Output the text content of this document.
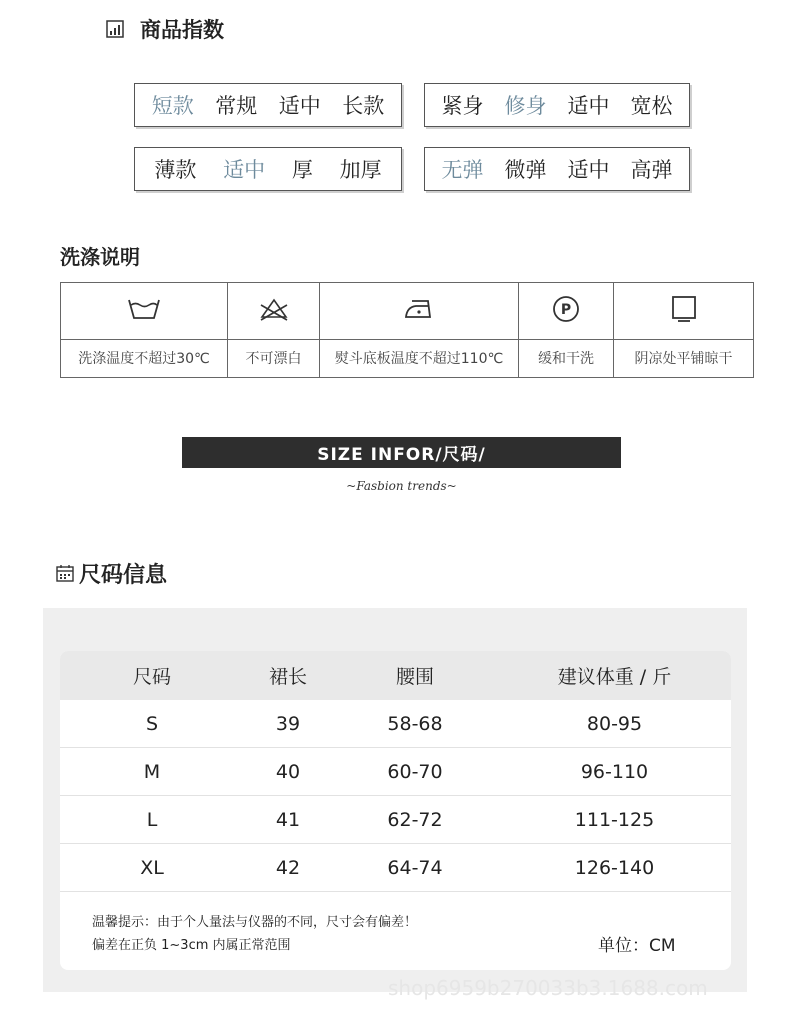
商品指数
短款 常规 适中 长款	紧身 修身 适中 宽松
薄款 适中 厚 加厚	无弹 微弹 适中 高弹
洗涤说明

P

洗涤温度不超过30℃	不可漂白	熨斗底板温度不超过110℃	缓和干洗	阴凉处平铺晾干
SIZE INFOR/尺码/
~Fasbion trends~
尺码信息
尺码	裙长	腰围	建议体重 / 斤
S	39	58-68	80-95
M	40	60-70	96-110
L	41	62-72	111-125
XL	42	64-74	126-140
温馨提示：由于个人量法与仪器的不同，尺寸会有偏差！
偏差在正负 1~3cm 内属正常范围	单位：CM
shop6959b270033b3.1688.com
